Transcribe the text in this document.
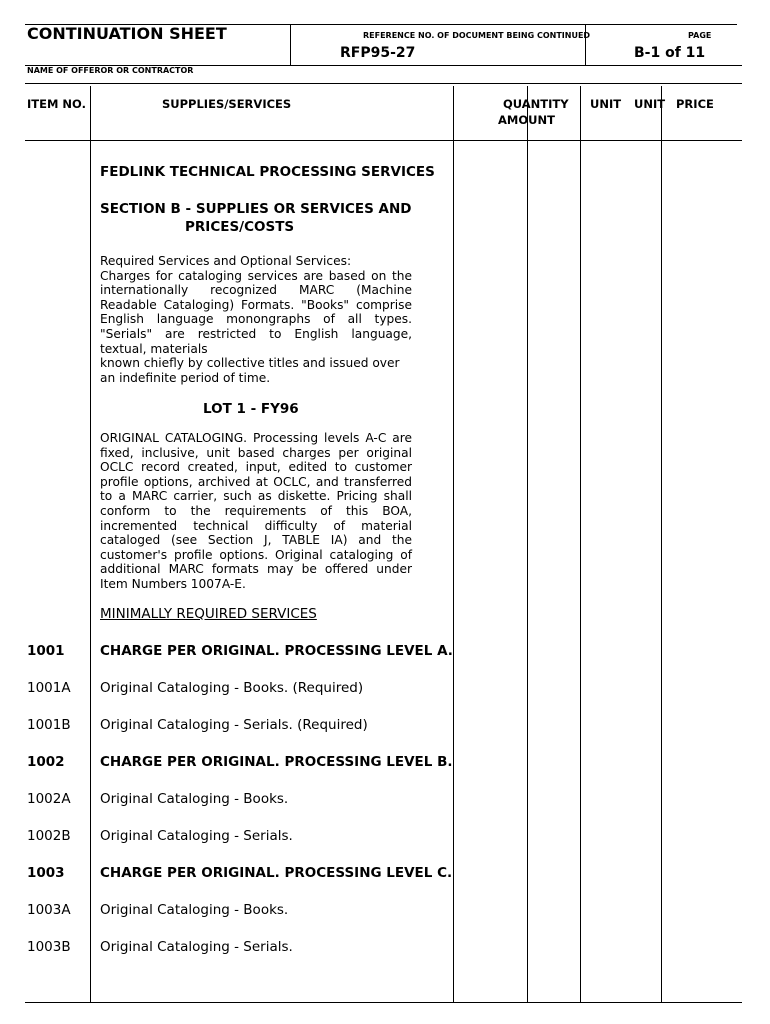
CONTINUATION SHEET	REFERENCE NO. OF DOCUMENT BEING CONTINUED
RFP95-27
PAGE
B-1 of 11
NAME OF OFFEROR OR CONTRACTOR
ITEM NO.	SUPPLIES/SERVICES	QUANTITY
AMOUNT
UNIT UNIT PRICE
FEDLINK TECHNICAL PROCESSING SERVICES
SECTION B - SUPPLIES OR SERVICES AND
PRICES/COSTS
Required Services and Optional Services:
Charges for cataloging services are based on the internationally recognized MARC (Machine Readable Cataloging) Formats. "Books" comprise English language monongraphs of all types. "Serials" are restricted to English language, textual, materials
known chiefly by collective titles and issued over an indefinite period of time.
LOT 1 - FY96
ORIGINAL CATALOGING. Processing levels A-C are fixed, inclusive, unit based charges per original OCLC record created, input, edited to customer profile options, archived at OCLC, and transferred to a MARC carrier, such as diskette. Pricing shall conform to the requirements of this BOA, incremented technical difficulty of material cataloged (see Section J, TABLE IA) and the customer's profile options. Original cataloging of additional MARC formats may be offered under Item Numbers 1007A-E.
MINIMALLY REQUIRED SERVICES
1001	CHARGE PER ORIGINAL. PROCESSING LEVEL A.
1001A Original Cataloging - Books. (Required)
1001B Original Cataloging - Serials. (Required)
1002	CHARGE PER ORIGINAL. PROCESSING LEVEL B.
1002A Original Cataloging - Books.
1002B Original Cataloging - Serials.
1003	CHARGE PER ORIGINAL. PROCESSING LEVEL C.
1003A Original Cataloging - Books.
1003B Original Cataloging - Serials.
